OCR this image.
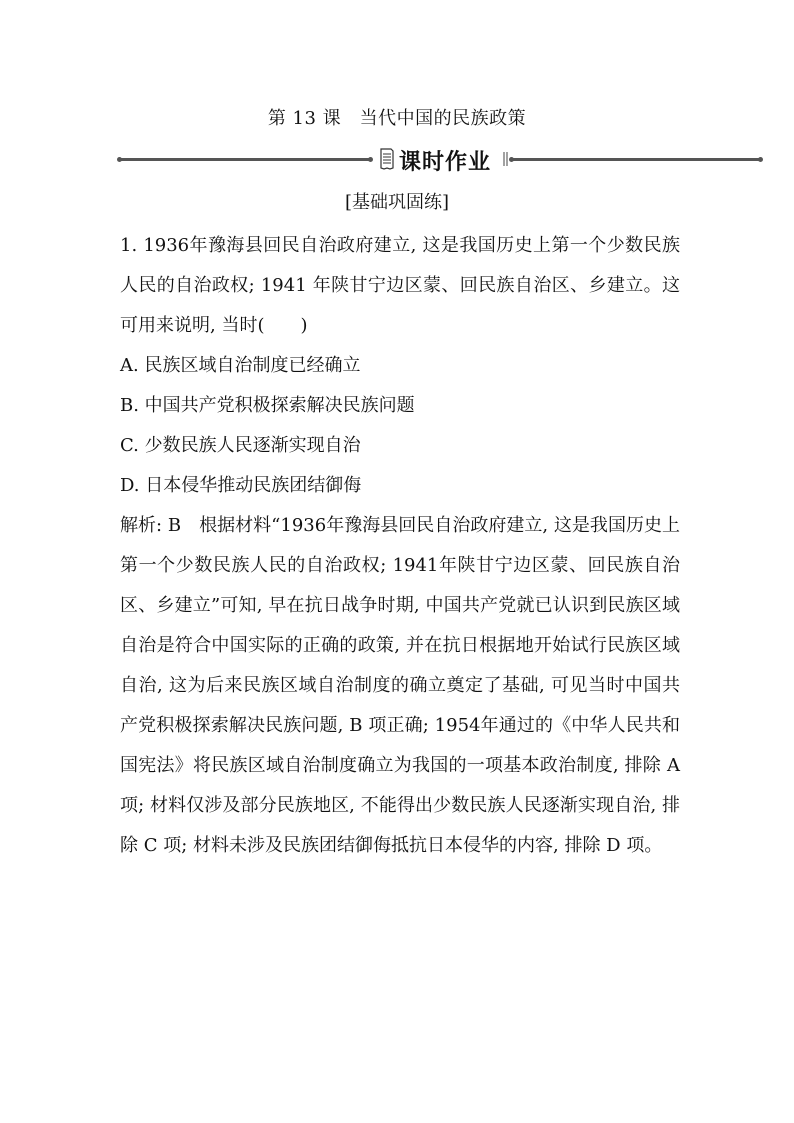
第 13 课　当代中国的民族政策
课时作业
[基础巩固练]
1. 1936年豫海县回民自治政府建立, 这是我国历史上第一个少数民族人民的自治政权; 1941 年陕甘宁边区蒙、回民族自治区、乡建立。这可用来说明, 当时(　　)
A. 民族区域自治制度已经确立
B. 中国共产党积极探索解决民族问题
C. 少数民族人民逐渐实现自治
D. 日本侵华推动民族团结御侮
解析: B　根据材料“1936年豫海县回民自治政府建立, 这是我国历史上第一个少数民族人民的自治政权; 1941年陕甘宁边区蒙、回民族自治区、乡建立”可知, 早在抗日战争时期, 中国共产党就已认识到民族区域自治是符合中国实际的正确的政策, 并在抗日根据地开始试行民族区域自治, 这为后来民族区域自治制度的确立奠定了基础, 可见当时中国共产党积极探索解决民族问题, B 项正确; 1954年通过的《中华人民共和国宪法》将民族区域自治制度确立为我国的一项基本政治制度, 排除 A 项; 材料仅涉及部分民族地区, 不能得出少数民族人民逐渐实现自治, 排除 C 项; 材料未涉及民族团结御侮抵抗日本侵华的内容, 排除 D 项。
